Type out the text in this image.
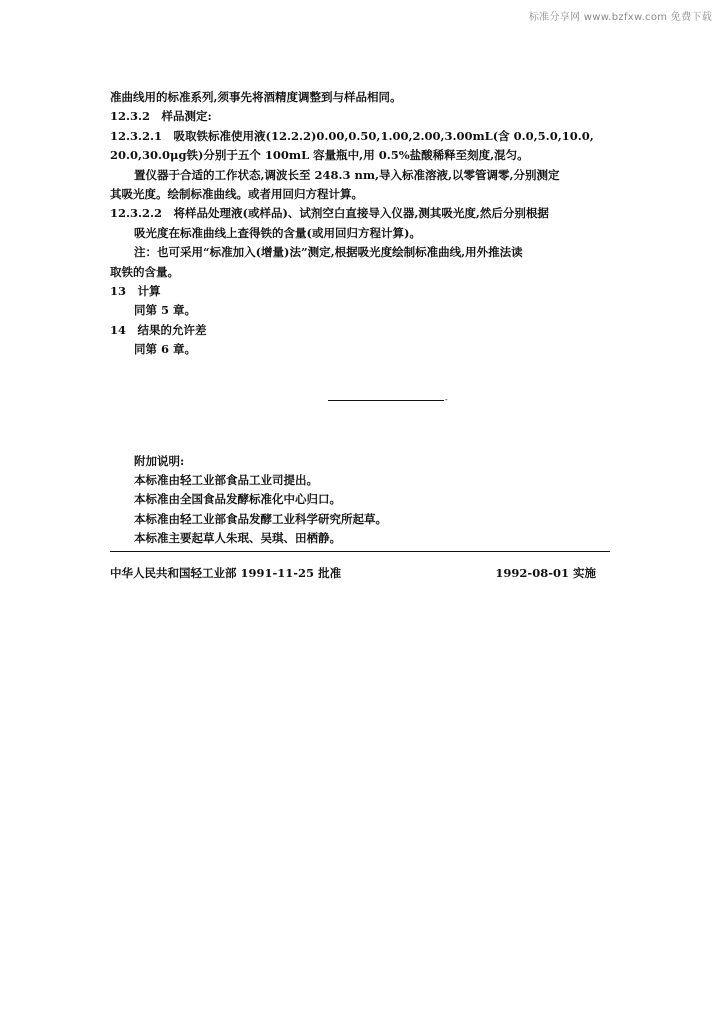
标准分享网 www.bzfxw.com 免费下载
准曲线用的标准系列,须事先将酒精度调整到与样品相同。
12.3.2　样品测定:
12.3.2.1　吸取铁标准使用液(12.2.2)0.00,0.50,1.00,2.00,3.00mL(含 0.0,5.0,10.0,
20.0,30.0μg铁)分别于五个 100mL 容量瓶中,用 0.5%盐酸稀释至刻度,混匀。
置仪器于合适的工作状态,调波长至 248.3 nm,导入标准溶液,以零管调零,分别测定
其吸光度。绘制标准曲线。或者用回归方程计算。
12.3.2.2　将样品处理液(或样品)、试剂空白直接导入仪器,测其吸光度,然后分别根据
吸光度在标准曲线上查得铁的含量(或用回归方程计算)。
注：也可采用“标准加入(增量)法”测定,根据吸光度绘制标准曲线,用外推法读
取铁的含量。
13　计算
同第 5 章。
14　结果的允许差
同第 6 章。
-
附加说明:
本标准由轻工业部食品工业司提出。
本标准由全国食品发酵标准化中心归口。
本标准由轻工业部食品发酵工业科学研究所起草。
本标准主要起草人朱珉、吴琪、田栖静。
中华人民共和国轻工业部 1991-11-25 批准	1992-08-01 实施
